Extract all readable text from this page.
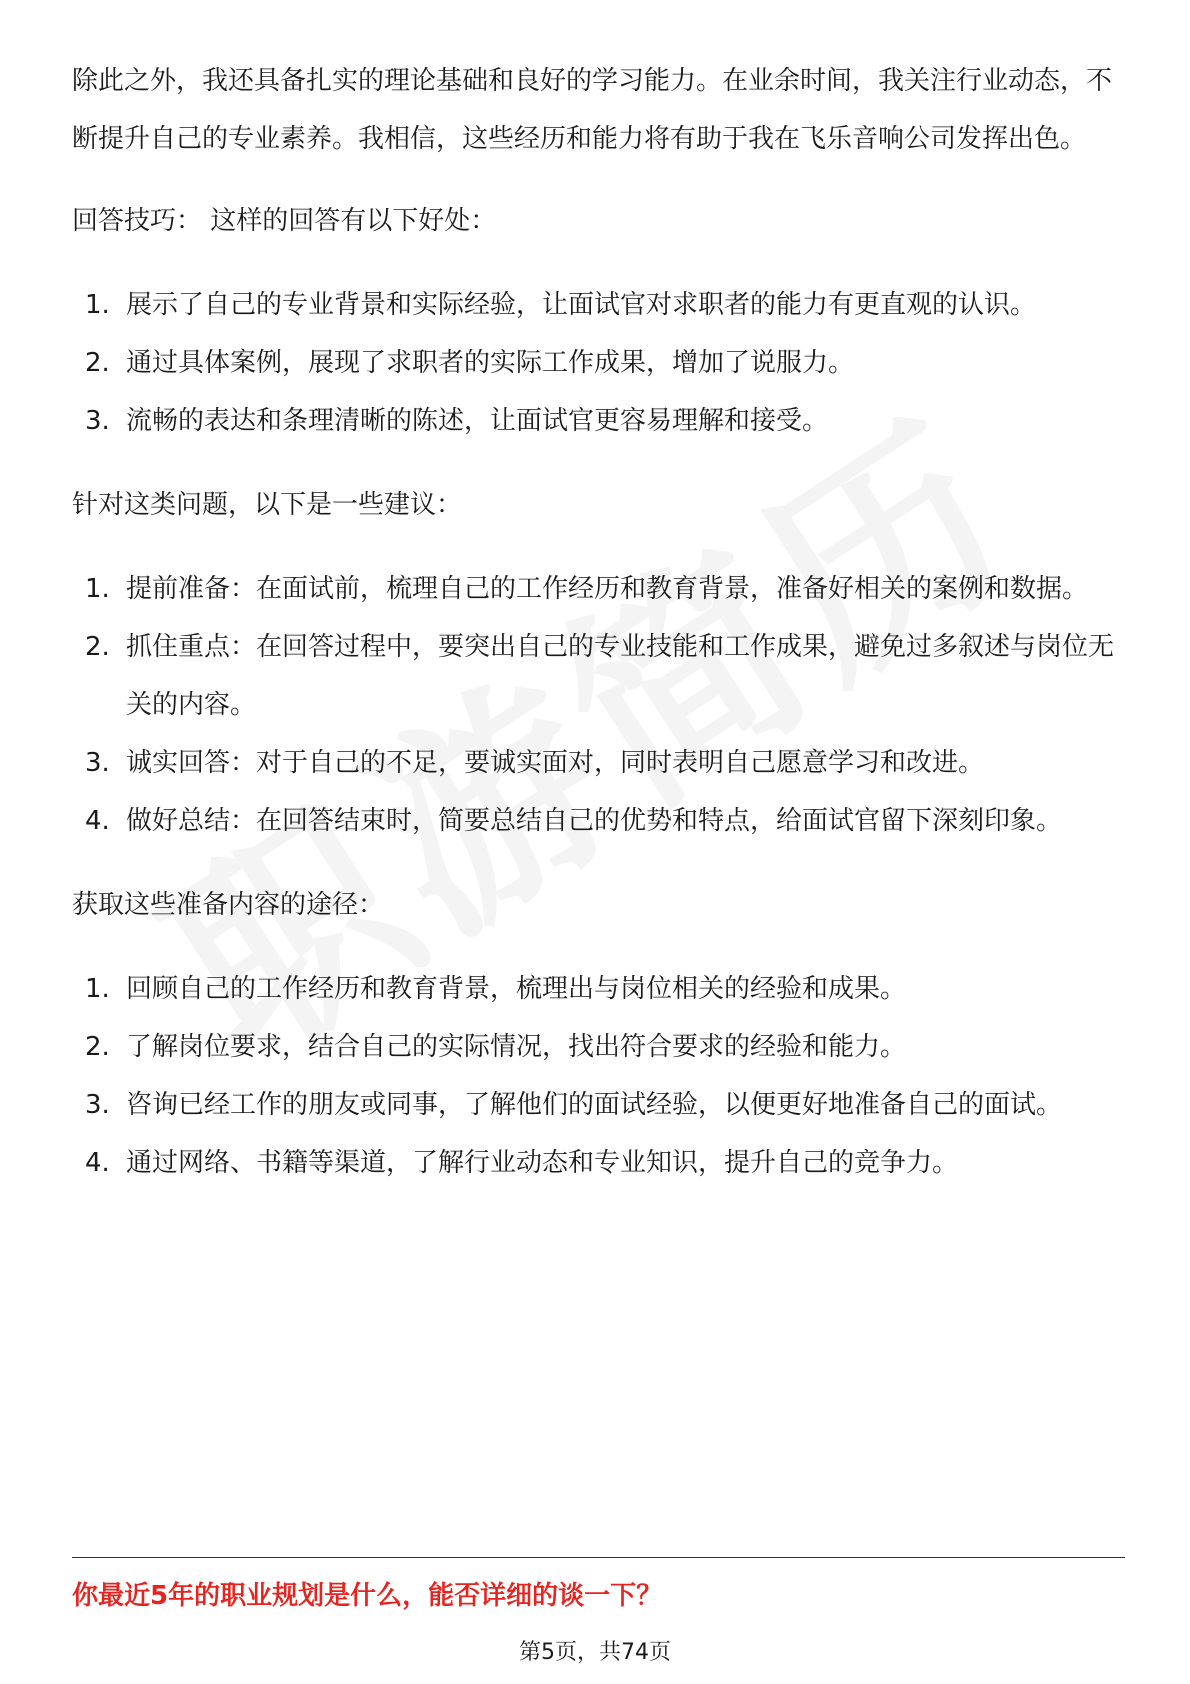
除此之外，我还具备扎实的理论基础和良好的学习能力。在业余时间，我关注行业动态，不断提升自己的专业素养。我相信，这些经历和能力将有助于我在飞乐音响公司发挥出色。

回答技巧： 这样的回答有以下好处：

1. 展示了自己的专业背景和实际经验，让面试官对求职者的能力有更直观的认识。
2. 通过具体案例，展现了求职者的实际工作成果，增加了说服力。
3. 流畅的表达和条理清晰的陈述，让面试官更容易理解和接受。

针对这类问题，以下是一些建议：

1. 提前准备：在面试前，梳理自己的工作经历和教育背景，准备好相关的案例和数据。
2. 抓住重点：在回答过程中，要突出自己的专业技能和工作成果，避免过多叙述与岗位无关的内容。
3. 诚实回答：对于自己的不足，要诚实面对，同时表明自己愿意学习和改进。
4. 做好总结：在回答结束时，简要总结自己的优势和特点，给面试官留下深刻印象。

获取这些准备内容的途径：

1. 回顾自己的工作经历和教育背景，梳理出与岗位相关的经验和成果。
2. 了解岗位要求，结合自己的实际情况，找出符合要求的经验和能力。
3. 咨询已经工作的朋友或同事，了解他们的面试经验，以便更好地准备自己的面试。
4. 通过网络、书籍等渠道，了解行业动态和专业知识，提升自己的竞争力。
你最近5年的职业规划是什么，能否详细的谈一下？
第5页，共74页
